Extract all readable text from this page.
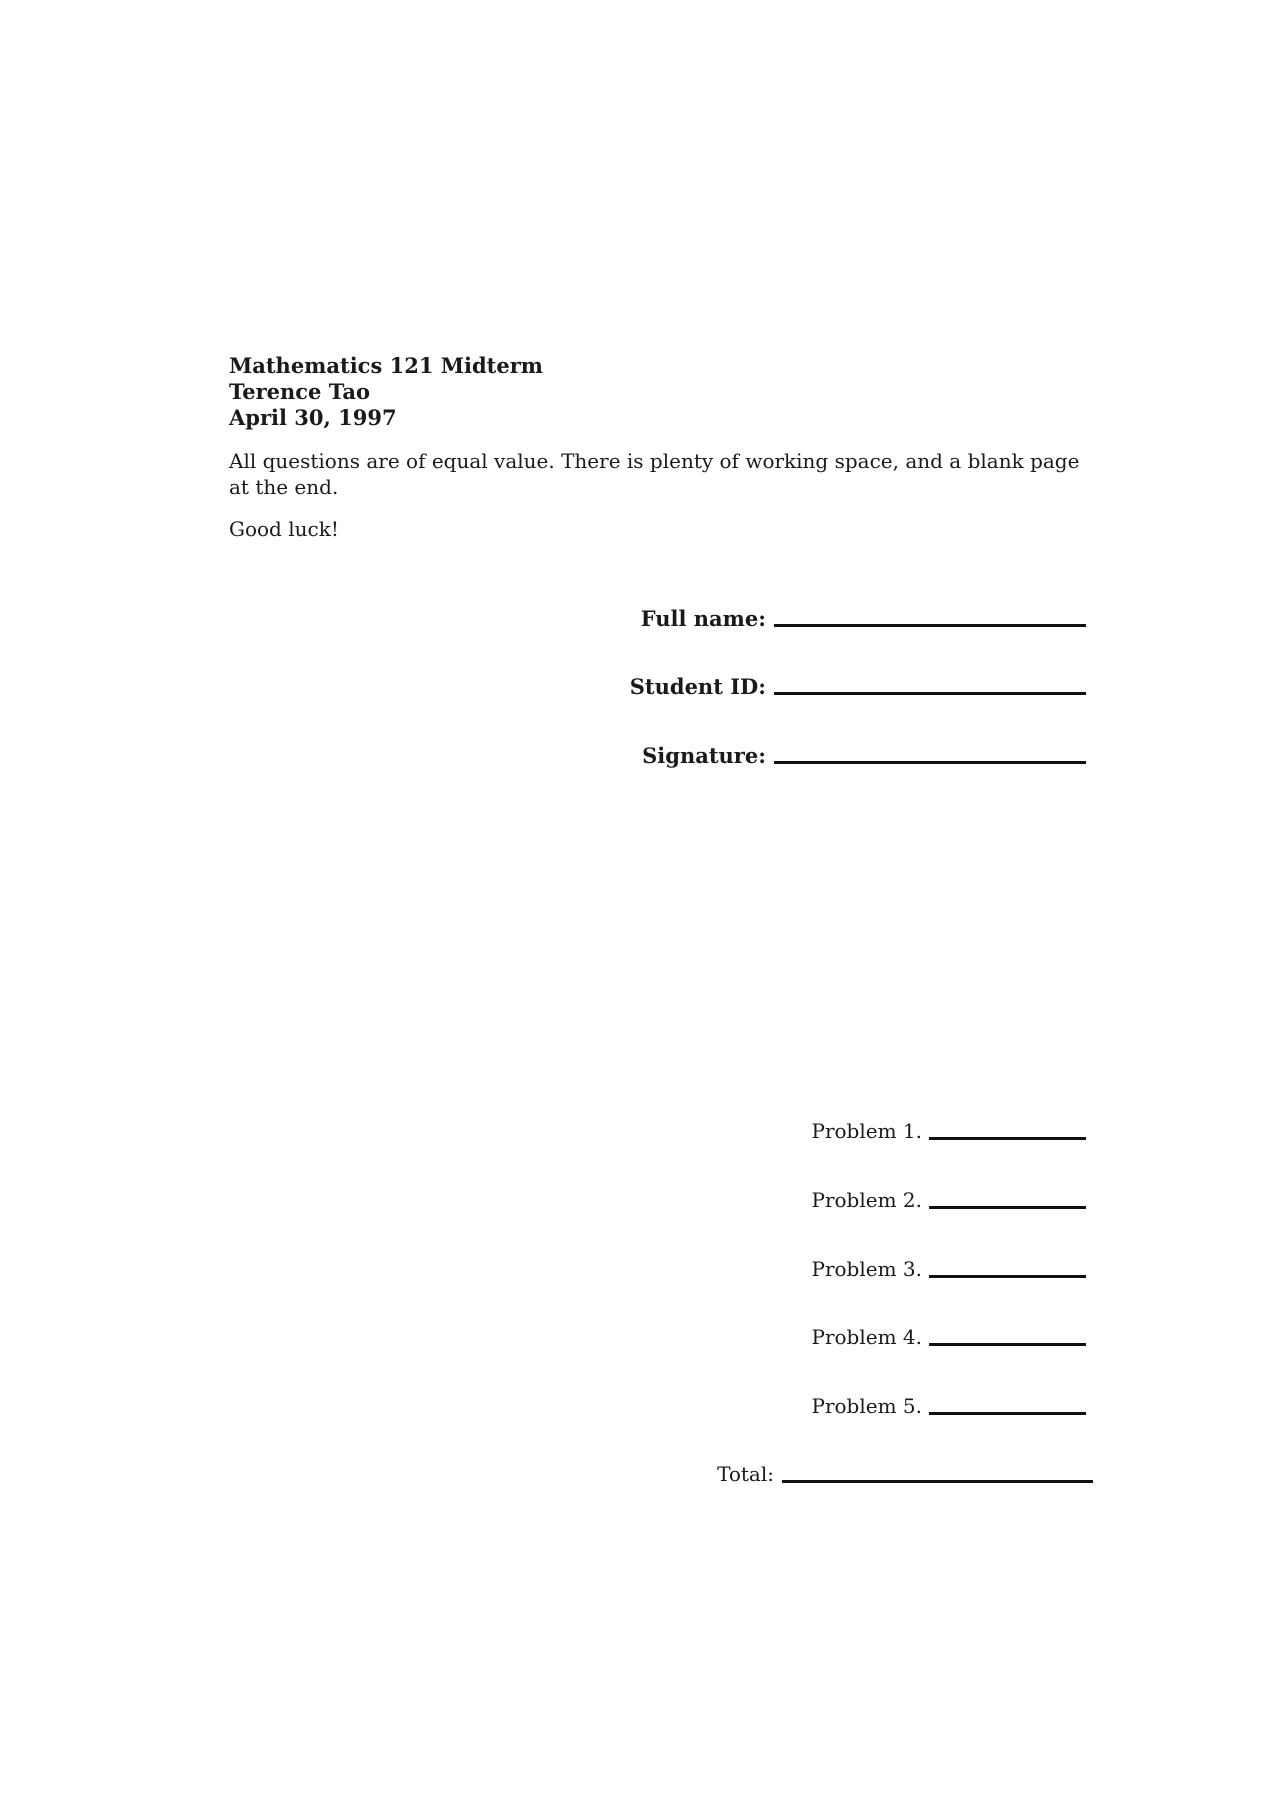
Mathematics 121 Midterm
Terence Tao
April 30, 1997
All questions are of equal value. There is plenty of working space, and a blank page at the end.
Good luck!
Full name:
Student ID:
Signature:
Problem 1.
Problem 2.
Problem 3.
Problem 4.
Problem 5.
Total:
